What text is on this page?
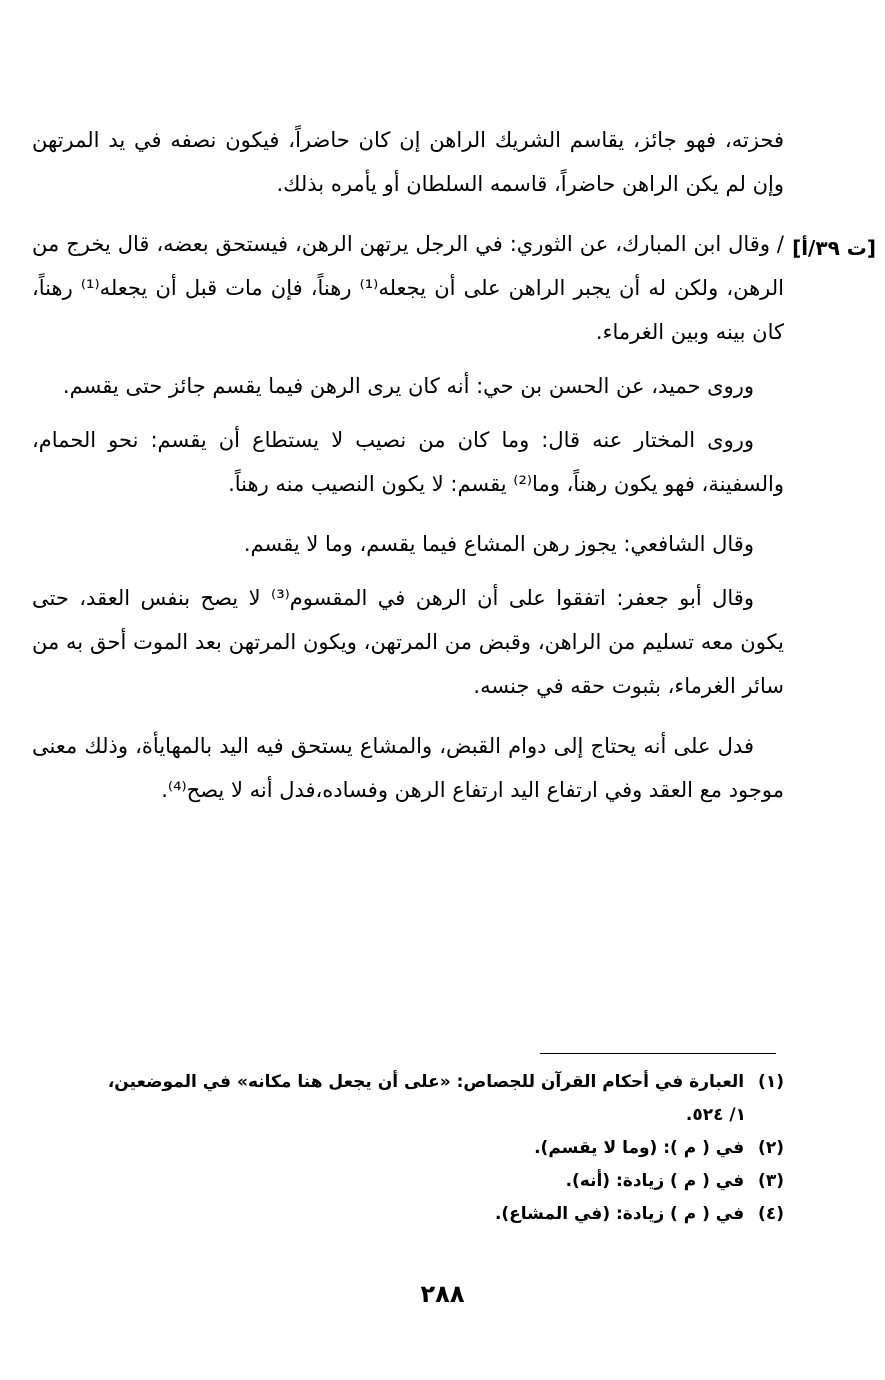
[ت ٣٩/أ]

فحزته، فهو جائز، يقاسم الشريك الراهن إن كان حاضراً، فيكون نصفه في يد المرتهن وإن لم يكن الراهن حاضراً، قاسمه السلطان أو يأمره بذلك.

/ وقال ابن المبارك، عن الثوري: في الرجل يرتهن الرهن، فيستحق بعضه، قال يخرج من الرهن، ولكن له أن يجبر الراهن على أن يجعله⁽¹⁾ رهناً، فإن مات قبل أن يجعله⁽¹⁾ رهناً، كان بينه وبين الغرماء.

وروى حميد، عن الحسن بن حي: أنه كان يرى الرهن فيما يقسم جائز حتى يقسم.

وروى المختار عنه قال: وما كان من نصيب لا يستطاع أن يقسم: نحو الحمام، والسفينة، فهو يكون رهناً، وما⁽²⁾ يقسم: لا يكون النصيب منه رهناً.

وقال الشافعي: يجوز رهن المشاع فيما يقسم، وما لا يقسم.

وقال أبو جعفر: اتفقوا على أن الرهن في المقسوم⁽³⁾ لا يصح بنفس العقد، حتى يكون معه تسليم من الراهن، وقبض من المرتهن، ويكون المرتهن بعد الموت أحق به من سائر الغرماء، بثبوت حقه في جنسه.

فدل على أنه يحتاج إلى دوام القبض، والمشاع يستحق فيه اليد بالمهايأة، وذلك معنى موجود مع العقد وفي ارتفاع اليد ارتفاع الرهن وفساده،فدل أنه لا يصح⁽⁴⁾.

(١) العبارة في أحكام القرآن للجصاص: «على أن يجعل هنا مكانه» في الموضعين،

١/ ٥٢٤.

(٢) في ( م ): (وما لا يقسم).

(٣) في ( م ) زيادة: (أنه).

(٤) في ( م ) زيادة: (في المشاع).

٢٨٨
